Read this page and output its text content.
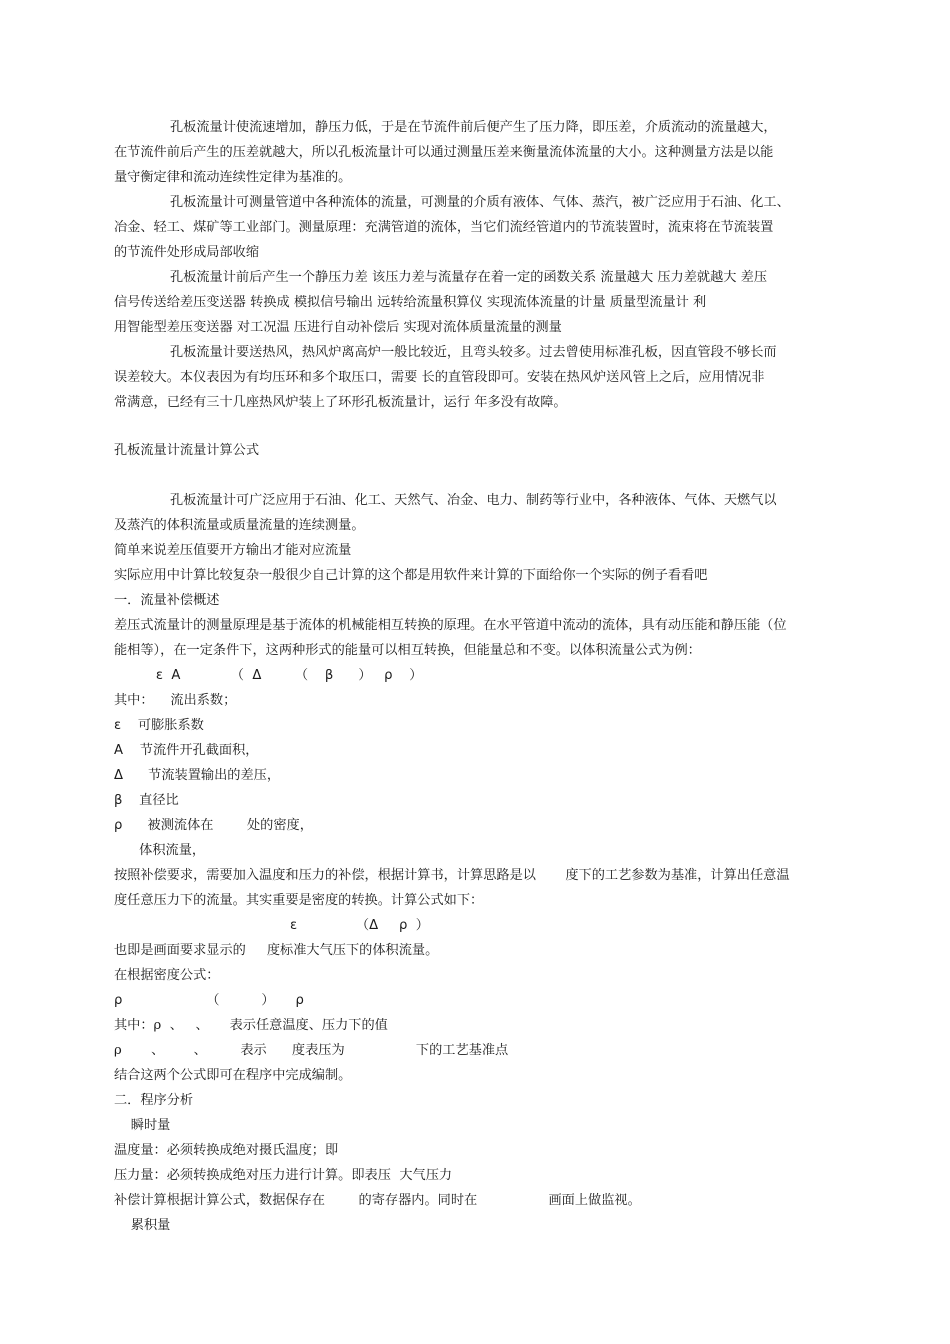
孔板流量计使流速增加，静压力低，于是在节流件前后便产生了压力降，即压差，介质流动的流量越大，
在节流件前后产生的压差就越大，所以孔板流量计可以通过测量压差来衡量流体流量的大小。这种测量方法是以能
量守衡定律和流动连续性定律为基准的。
孔板流量计可测量管道中各种流体的流量，可测量的介质有液体、气体、蒸汽，被广泛应用于石油、化工、
冶金、轻工、煤矿等工业部门。测量原理：充满管道的流体，当它们流经管道内的节流装置时，流束将在节流装置
的节流件处形成局部收缩
孔板流量计前后产生一个静压力差 该压力差与流量存在着一定的函数关系 流量越大 压力差就越大 差压
信号传送给差压变送器 转换成 模拟信号输出 远转给流量积算仪 实现流体流量的计量 质量型流量计 利
用智能型差压变送器 对工况温 压进行自动补偿后 实现对流体质量流量的测量
孔板流量计要送热风，热风炉离高炉一般比较近，且弯头较多。过去曾使用标准孔板，因直管段不够长而
误差较大。本仪表因为有均压环和多个取压口，需要 长的直管段即可。安装在热风炉送风管上之后，应用情况非
常满意，已经有三十几座热风炉装上了环形孔板流量计，运行 年多没有故障。
孔板流量计流量计算公式
孔板流量计可广泛应用于石油、化工、天然气、冶金、电力、制药等行业中，各种液体、气体、天燃气以
及蒸汽的体积流量或质量流量的连续测量。
简单来说差压值要开方输出才能对应流量
实际应用中计算比较复杂一般很少自己计算的这个都是用软件来计算的下面给你一个实际的例子看看吧
一．流量补偿概述
差压式流量计的测量原理是基于流体的机械能相互转换的原理。在水平管道中流动的流体，具有动压能和静压能（位
能相等），在一定条件下，这两种形式的能量可以相互转换，但能量总和不变。以体积流量公式为例：
ε  A            （  Δ        （    β      ）   ρ    ）
其中：    流出系数；
ε    可膨胀系数
A    节流件开孔截面积，
Δ      节流装置输出的差压，
β    直径比
ρ      被测流体在        处的密度，
体积流量，
按照补偿要求，需要加入温度和压力的补偿，根据计算书，计算思路是以       度下的工艺参数为基准，计算出任意温
度任意压力下的流量。其实重要是密度的转换。计算公式如下：
ε              （Δ     ρ  ）
也即是画面要求显示的     度标准大气压下的体积流量。
在根据密度公式：
ρ                    （          ）     ρ
其中：ρ  、   、     表示任意温度、压力下的值
ρ       、       、        表示      度表压为                 下的工艺基准点
结合这两个公式即可在程序中完成编制。
二．程序分析
瞬时量
温度量：必须转换成绝对摄氏温度；即
压力量：必须转换成绝对压力进行计算。即表压  大气压力
补偿计算根据计算公式，数据保存在        的寄存器内。同时在                 画面上做监视。
累积量
